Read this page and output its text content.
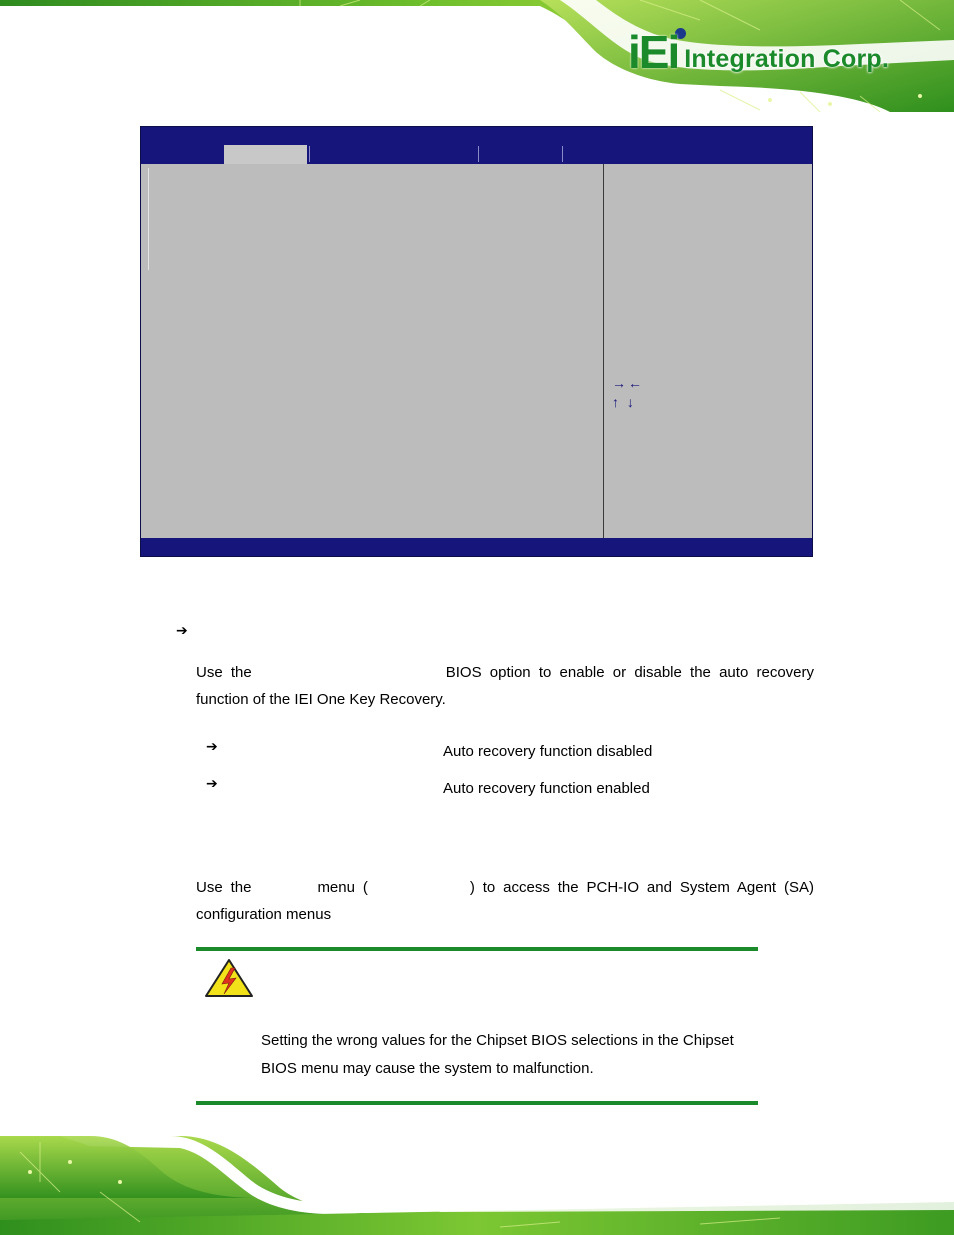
iEi Integration Corp.
→←
↑ ↓
➔
Use the	BIOS option to enable or disable the auto recovery function of the IEI One Key Recovery.
➔	Auto recovery function disabled
➔	Auto recovery function enabled
Use the	menu (	) to access the PCH-IO and System Agent (SA) configuration menus
Setting the wrong values for the Chipset BIOS selections in the Chipset BIOS menu may cause the system to malfunction.
